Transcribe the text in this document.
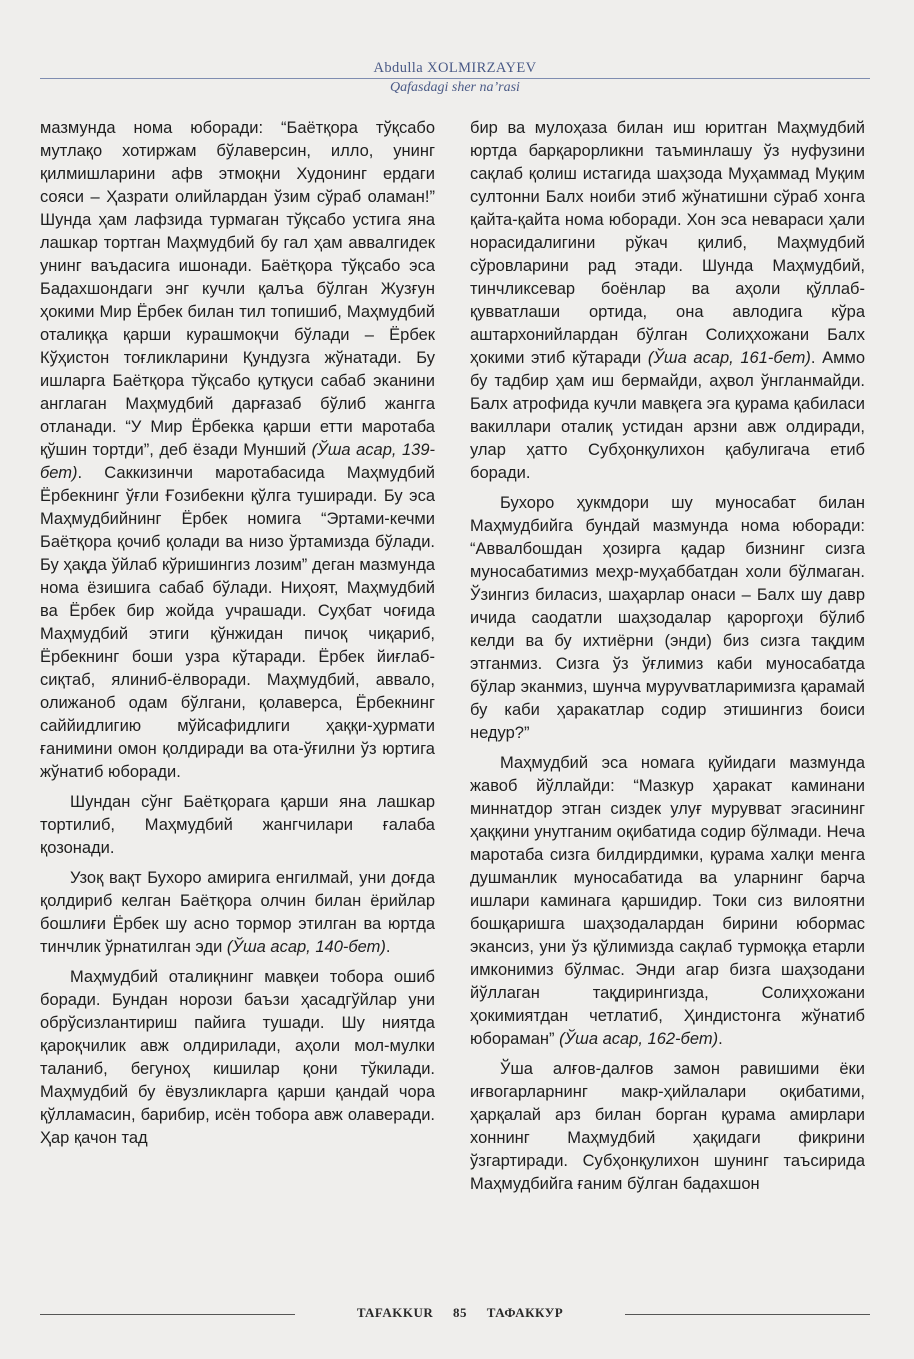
Abdulla XOLMIRZAYEV
Qafasdagi sher na’rasi

мазмунда нома юборади: “Баётқора тўқсабо мутлақо хотиржам бўлаверсин, илло, унинг қилмишларини афв этмоқни Худонинг ердаги сояси – Ҳазрати олийлардан ўзим сўраб оламан!” Шунда ҳам лафзида турмаган тўқсабо устига яна лашкар тортган Маҳмудбий бу гал ҳам аввалгидек унинг ваъдасига ишонади. Баётқора тўқсабо эса Бадахшондаги энг кучли қалъа бўлган Жузғун ҳокими Мир Ёрбек билан тил топишиб, Маҳмудбий оталиққа қарши курашмоқчи бўлади – Ёрбек Кўҳистон тоғликларини Қундузга жўнатади. Бу ишларга Баётқора тўқсабо қутқуси сабаб эканини англаган Маҳмудбий дарғазаб бўлиб жангга отланади. “У Мир Ёрбекка қарши етти маротаба қўшин тортди”, деб ёзади Мунший (Ўша асар, 139-бет). Саккизинчи маротабасида Маҳмудбий Ёрбекнинг ўғли Ғозибекни қўлга туширади. Бу эса Маҳмудбийнинг Ёрбек номига “Эртами-кечми Баётқора қочиб қолади ва низо ўртамизда бўлади. Бу ҳақда ўйлаб кўришингиз лозим” деган мазмунда нома ёзишига сабаб бўлади. Ниҳоят, Маҳмудбий ва Ёрбек бир жойда учрашади. Суҳбат чоғида Маҳмудбий этиги қўнжидан пичоқ чиқариб, Ёрбекнинг боши узра кўтаради. Ёрбек йиғлаб-сиқтаб, ялиниб-ёлворади. Маҳмудбий, аввало, олижаноб одам бўлгани, қолаверса, Ёрбекнинг саййидлигию мўйсафидлиги ҳаққи-ҳурмати ғанимини омон қолдиради ва ота-ўғилни ўз юртига жўнатиб юборади.

Шундан сўнг Баётқорага қарши яна лашкар тортилиб, Маҳмудбий жангчилари ғалаба қозонади.

Узоқ вақт Бухоро амирига енгилмай, уни доғда қолдириб келган Баётқора олчин билан ёрийлар бошлиғи Ёрбек шу асно тормор этилган ва юртда тинчлик ўрнатилган эди (Ўша асар, 140-бет).

Маҳмудбий оталиқнинг мавқеи тобора ошиб боради. Бундан норози баъзи ҳасадгўйлар уни обрўсизлантириш пайига тушади. Шу ниятда қароқчилик авж олдирилади, аҳоли мол-мулки таланиб, бегуноҳ кишилар қони тўкилади. Маҳмудбий бу ёвузликларга қарши қандай чора қўлламасин, барибир, исён тобора авж олаверади. Ҳар қачон тад

бир ва мулоҳаза билан иш юритган Маҳмудбий юртда барқарорликни таъминлашу ўз нуфузини сақлаб қолиш истагида шаҳзода Муҳаммад Муқим султонни Балх ноиби этиб жўнатишни сўраб хонга қайта-қайта нома юборади. Хон эса невараси ҳали норасидалигини рўкач қилиб, Маҳмудбий сўровларини рад этади. Шунда Маҳмудбий, тинчликсевар боёнлар ва аҳоли қўллаб-қувватлаши ортида, она авлодига кўра аштархонийлардан бўлган Солиҳхожани Балх ҳокими этиб кўтаради (Ўша асар, 161-бет). Аммо бу тадбир ҳам иш бермайди, аҳвол ўнгланмайди. Балх атрофида кучли мавқега эга қурама қабиласи вакиллари оталиқ устидан арзни авж олдиради, улар ҳатто Субҳонқулихон қабулигача етиб боради.

Бухоро ҳукмдори шу муносабат билан Маҳмудбийга бундай мазмунда нома юборади: “Аввалбошдан ҳозирга қадар бизнинг сизга муносабатимиз меҳр-муҳаббатдан холи бўлмаган. Ўзингиз биласиз, шаҳарлар онаси – Балх шу давр ичида саодатли шаҳзодалар қароргоҳи бўлиб келди ва бу ихтиёрни (энди) биз сизга тақдим этганмиз. Сизга ўз ўғлимиз каби муносабатда бўлар эканмиз, шунча муруvватларимизга қарамай бу каби ҳаракатлар содир этишингиз боиси недур?”

Маҳмудбий эса номага қуйидаги мазмунда жавоб йўллайди: “Мазкур ҳаракат каминани миннатдор этган сиздек улуғ мурувват эгасининг ҳаққини унутганим оқибатида содир бўлмади. Неча маротаба сизга билдирдимки, қурама халқи менга душманлик муносабатида ва уларнинг барча ишлари каминага қаршидир. Токи сиз вилоятни бошқаришга шаҳзодалардан бирини юбормас экансиз, уни ўз қўлимизда сақлаб турмоққа етарли имконимиз бўлмас. Энди агар бизга шаҳзодани йўллаган тақдирингизда, Солиҳхожани ҳокимиятдан четлатиб, Ҳиндистонга жўнатиб юбораман” (Ўша асар, 162-бет).

Ўша алғов-далғов замон равишими ёки иғвогарларнинг макр-ҳийлалари оқибатими, ҳарқалай арз билан борган қурама амирлари хоннинг Маҳмудбий ҳақидаги фикрини ўзгартиради. Субҳонқулихон шунинг таъсирида Маҳмудбийга ғаним бўлган бадахшон

TAFAKKUR 85 ТАФАККУР
